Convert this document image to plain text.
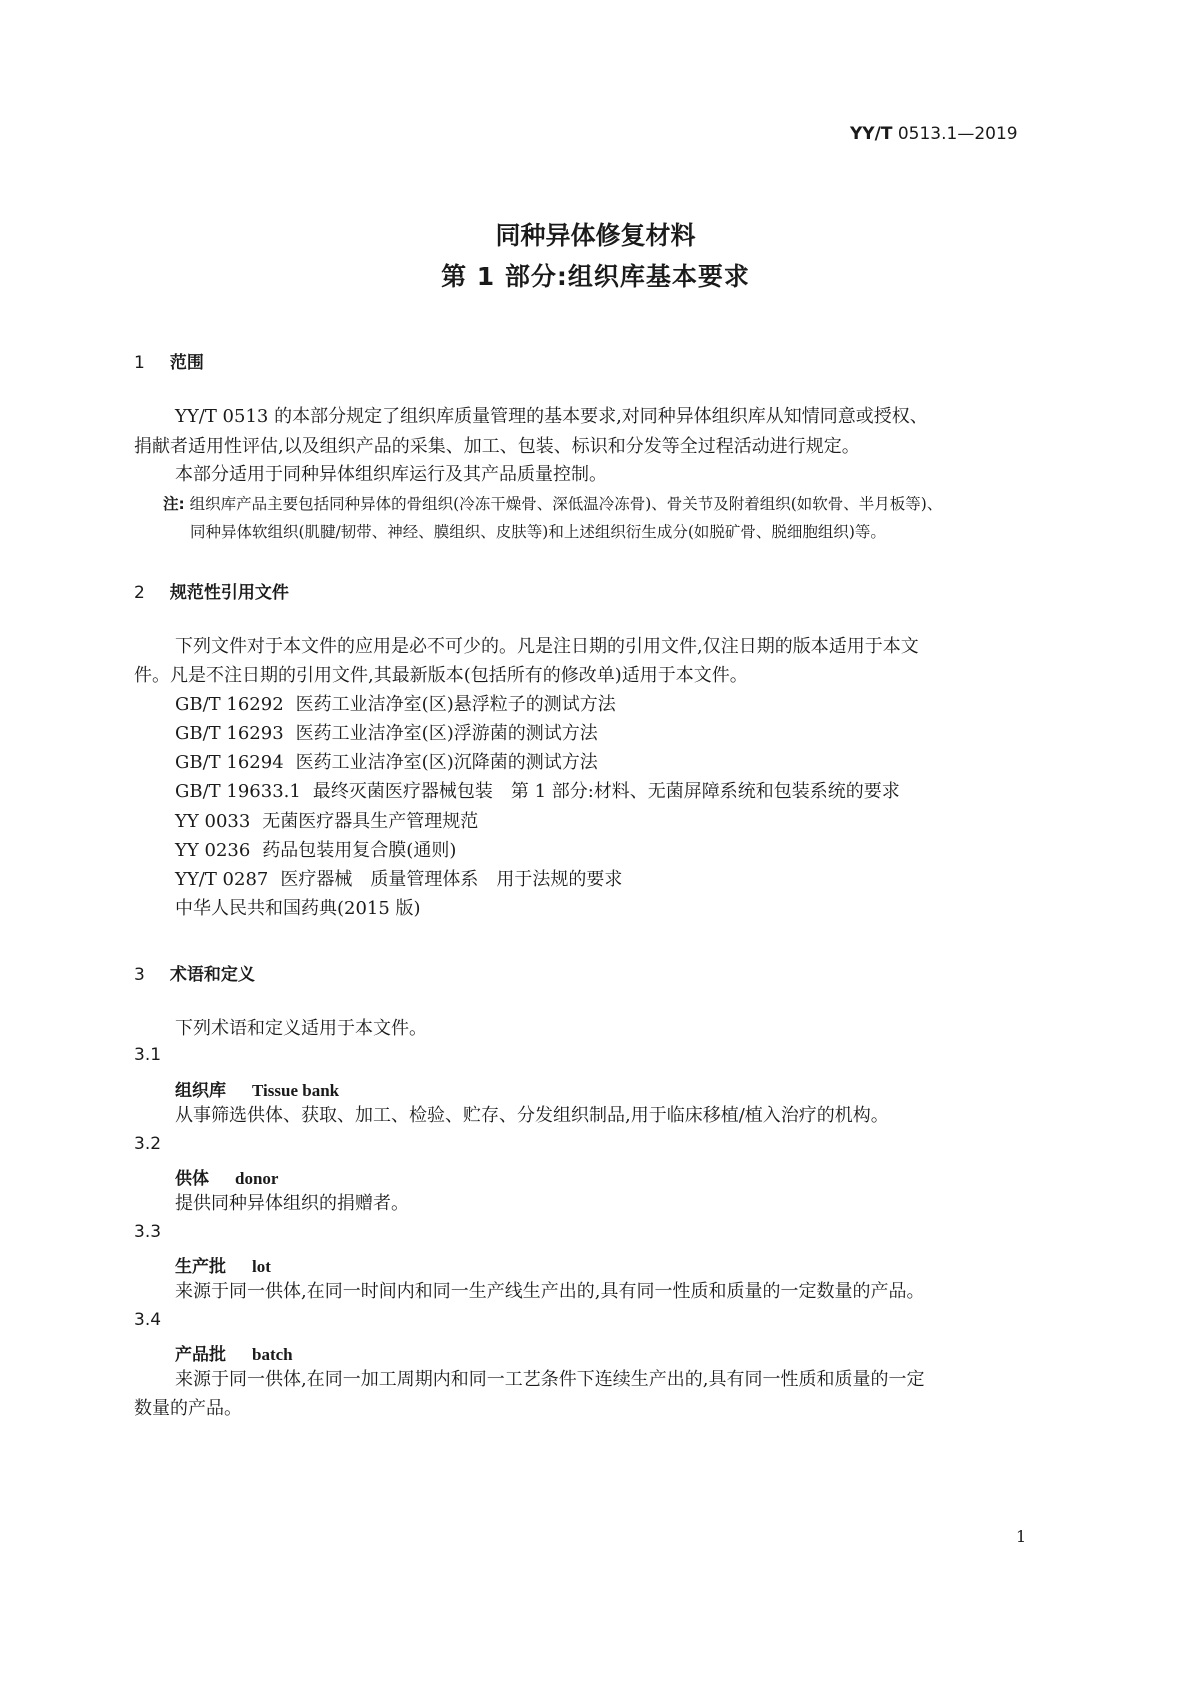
YY/T 0513.1—2019
同种异体修复材料
第 1 部分:组织库基本要求
1 范围
YY/T 0513 的本部分规定了组织库质量管理的基本要求,对同种异体组织库从知情同意或授权、
捐献者适用性评估,以及组织产品的采集、加工、包装、标识和分发等全过程活动进行规定。
本部分适用于同种异体组织库运行及其产品质量控制。
注: 组织库产品主要包括同种异体的骨组织(冷冻干燥骨、深低温冷冻骨)、骨关节及附着组织(如软骨、半月板等)、
同种异体软组织(肌腱/韧带、神经、膜组织、皮肤等)和上述组织衍生成分(如脱矿骨、脱细胞组织)等。
2 规范性引用文件
下列文件对于本文件的应用是必不可少的。凡是注日期的引用文件,仅注日期的版本适用于本文
件。凡是不注日期的引用文件,其最新版本(包括所有的修改单)适用于本文件。
GB/T 16292 医药工业洁净室(区)悬浮粒子的测试方法
GB/T 16293 医药工业洁净室(区)浮游菌的测试方法
GB/T 16294 医药工业洁净室(区)沉降菌的测试方法
GB/T 19633.1 最终灭菌医疗器械包装　第 1 部分:材料、无菌屏障系统和包装系统的要求
YY 0033 无菌医疗器具生产管理规范
YY 0236 药品包装用复合膜(通则)
YY/T 0287 医疗器械　质量管理体系　用于法规的要求
中华人民共和国药典(2015 版)
3 术语和定义
下列术语和定义适用于本文件。
3.1
组织库 Tissue bank
从事筛选供体、获取、加工、检验、贮存、分发组织制品,用于临床移植/植入治疗的机构。
3.2
供体 donor
提供同种异体组织的捐赠者。
3.3
生产批 lot
来源于同一供体,在同一时间内和同一生产线生产出的,具有同一性质和质量的一定数量的产品。
3.4
产品批 batch
来源于同一供体,在同一加工周期内和同一工艺条件下连续生产出的,具有同一性质和质量的一定
数量的产品。
1
